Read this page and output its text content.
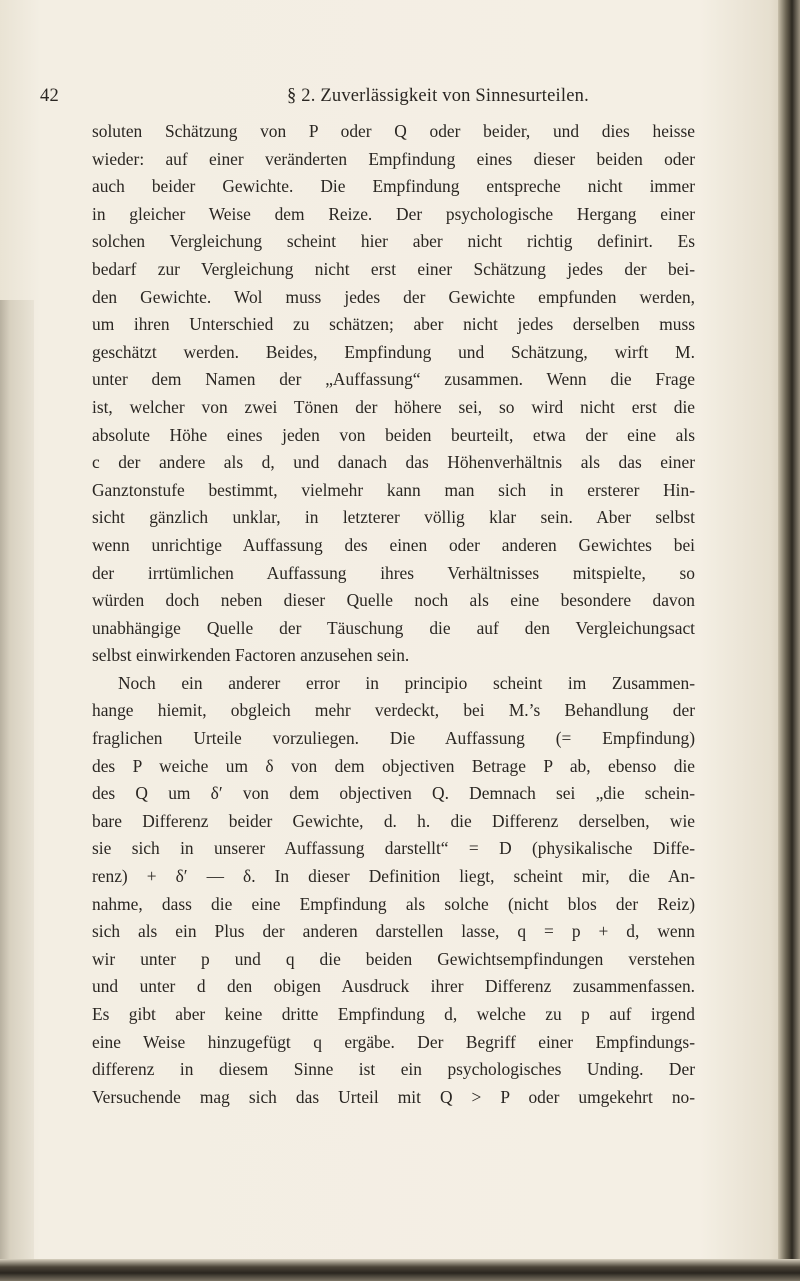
42	§ 2. Zuverlässigkeit von Sinnesurteilen.
soluten Schätzung von P oder Q oder beider, und dies heisse
wieder: auf einer veränderten Empfindung eines dieser beiden oder
auch beider Gewichte. Die Empfindung entspreche nicht immer
in gleicher Weise dem Reize. Der psychologische Hergang einer
solchen Vergleichung scheint hier aber nicht richtig definirt. Es
bedarf zur Vergleichung nicht erst einer Schätzung jedes der bei-
den Gewichte. Wol muss jedes der Gewichte empfunden werden,
um ihren Unterschied zu schätzen; aber nicht jedes derselben muss
geschätzt werden. Beides, Empfindung und Schätzung, wirft M.
unter dem Namen der „Auffassung“ zusammen. Wenn die Frage
ist, welcher von zwei Tönen der höhere sei, so wird nicht erst die
absolute Höhe eines jeden von beiden beurteilt, etwa der eine als
c der andere als d, und danach das Höhenverhältnis als das einer
Ganztonstufe bestimmt, vielmehr kann man sich in ersterer Hin-
sicht gänzlich unklar, in letzterer völlig klar sein. Aber selbst
wenn unrichtige Auffassung des einen oder anderen Gewichtes bei
der irrtümlichen Auffassung ihres Verhältnisses mitspielte, so
würden doch neben dieser Quelle noch als eine besondere davon
unabhängige Quelle der Täuschung die auf den Vergleichungsact
selbst einwirkenden Factoren anzusehen sein.
Noch ein anderer error in principio scheint im Zusammen-
hange hiemit, obgleich mehr verdeckt, bei M.’s Behandlung der
fraglichen Urteile vorzuliegen. Die Auffassung (= Empfindung)
des P weiche um δ von dem objectiven Betrage P ab, ebenso die
des Q um δ′ von dem objectiven Q. Demnach sei „die schein-
bare Differenz beider Gewichte, d. h. die Differenz derselben, wie
sie sich in unserer Auffassung darstellt“ = D (physikalische Diffe-
renz) + δ′ — δ. In dieser Definition liegt, scheint mir, die An-
nahme, dass die eine Empfindung als solche (nicht blos der Reiz)
sich als ein Plus der anderen darstellen lasse, q = p + d, wenn
wir unter p und q die beiden Gewichtsempfindungen verstehen
und unter d den obigen Ausdruck ihrer Differenz zusammenfassen.
Es gibt aber keine dritte Empfindung d, welche zu p auf irgend
eine Weise hinzugefügt q ergäbe. Der Begriff einer Empfindungs-
differenz in diesem Sinne ist ein psychologisches Unding. Der
Versuchende mag sich das Urteil mit Q > P oder umgekehrt no-
